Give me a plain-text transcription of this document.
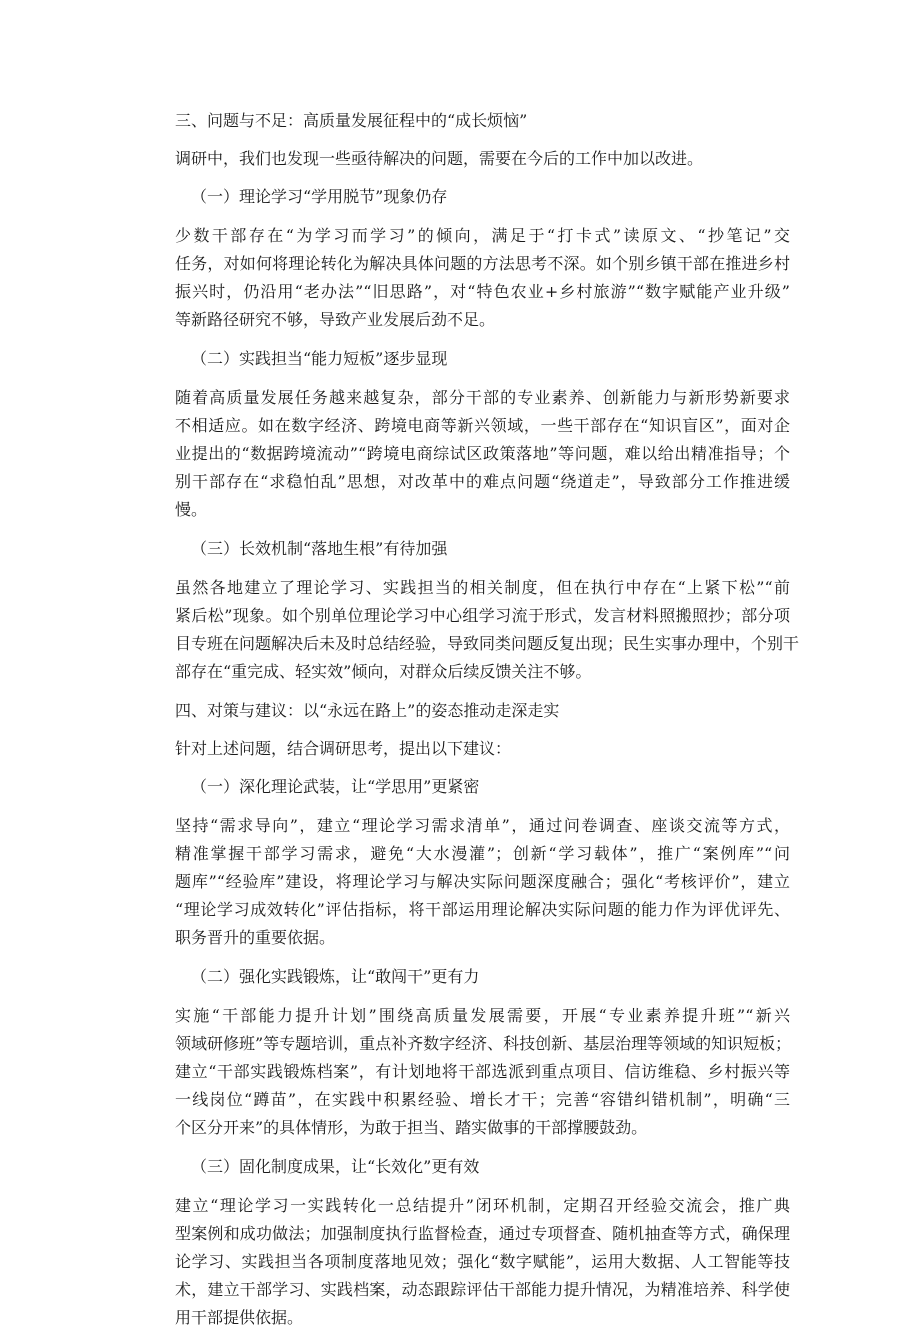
三、问题与不足：高质量发展征程中的“成长烦恼”
调研中，我们也发现一些亟待解决的问题，需要在今后的工作中加以改进。
（一）理论学习“学用脱节”现象仍存
少数干部存在“为学习而学习”的倾向，满足于“打卡式”读原文、“抄笔记”交
任务，对如何将理论转化为解决具体问题的方法思考不深。如个别乡镇干部在推进乡村
振兴时，仍沿用“老办法”“旧思路”，对“特色农业+乡村旅游”“数字赋能产业升级”
等新路径研究不够，导致产业发展后劲不足。
（二）实践担当“能力短板”逐步显现
随着高质量发展任务越来越复杂，部分干部的专业素养、创新能力与新形势新要求
不相适应。如在数字经济、跨境电商等新兴领域，一些干部存在“知识盲区”，面对企
业提出的“数据跨境流动”“跨境电商综试区政策落地”等问题，难以给出精准指导；个
别干部存在“求稳怕乱”思想，对改革中的难点问题“绕道走”，导致部分工作推进缓
慢。
（三）长效机制“落地生根”有待加强
虽然各地建立了理论学习、实践担当的相关制度，但在执行中存在“上紧下松”“前
紧后松”现象。如个别单位理论学习中心组学习流于形式，发言材料照搬照抄；部分项
目专班在问题解决后未及时总结经验，导致同类问题反复出现；民生实事办理中，个别干
部存在“重完成、轻实效”倾向，对群众后续反馈关注不够。
四、对策与建议：以“永远在路上”的姿态推动走深走实
针对上述问题，结合调研思考，提出以下建议：
（一）深化理论武装，让“学思用”更紧密
坚持“需求导向”，建立“理论学习需求清单”，通过问卷调查、座谈交流等方式，
精准掌握干部学习需求，避免“大水漫灌”；创新“学习载体”，推广“案例库”“问
题库”“经验库”建设，将理论学习与解决实际问题深度融合；强化“考核评价”，建立
“理论学习成效转化”评估指标，将干部运用理论解决实际问题的能力作为评优评先、
职务晋升的重要依据。
（二）强化实践锻炼，让“敢闯干”更有力
实施“干部能力提升计划”围绕高质量发展需要，开展“专业素养提升班”“新兴
领域研修班”等专题培训，重点补齐数字经济、科技创新、基层治理等领域的知识短板；
建立“干部实践锻炼档案”，有计划地将干部选派到重点项目、信访维稳、乡村振兴等
一线岗位“蹲苗”，在实践中积累经验、增长才干；完善“容错纠错机制”，明确“三
个区分开来”的具体情形，为敢于担当、踏实做事的干部撑腰鼓劲。
（三）固化制度成果，让“长效化”更有效
建立“理论学习一实践转化一总结提升”闭环机制，定期召开经验交流会，推广典
型案例和成功做法；加强制度执行监督检查，通过专项督查、随机抽查等方式，确保理
论学习、实践担当各项制度落地见效；强化“数字赋能”，运用大数据、人工智能等技
术，建立干部学习、实践档案，动态跟踪评估干部能力提升情况，为精准培养、科学使
用干部提供依据。
